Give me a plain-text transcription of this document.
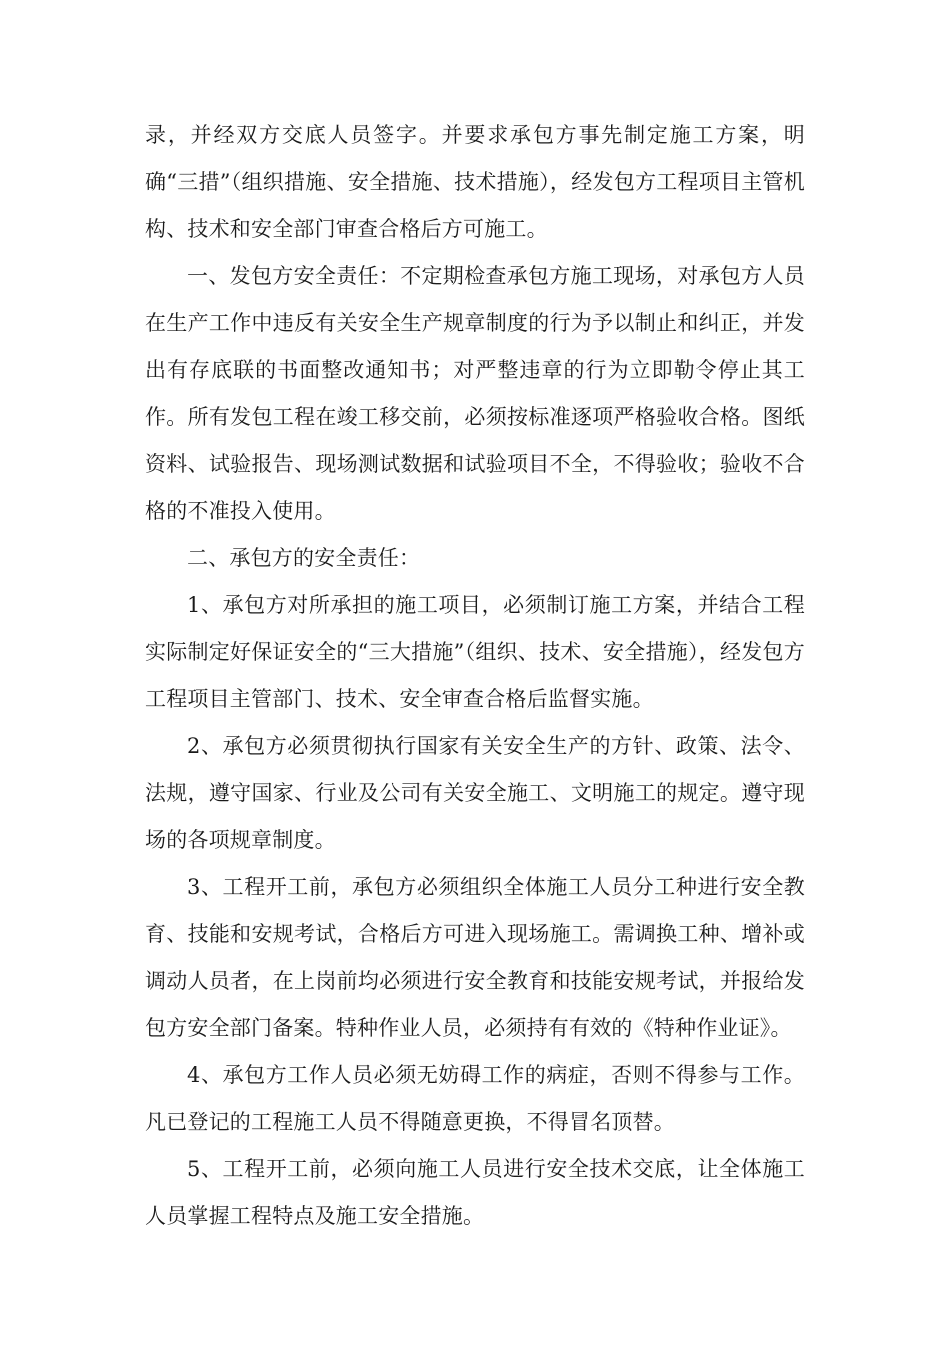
录，并经双方交底人员签字。并要求承包方事先制定施工方案，明确“三措”（组织措施、安全措施、技术措施），经发包方工程项目主管机构、技术和安全部门审查合格后方可施工。

一、发包方安全责任：不定期检查承包方施工现场，对承包方人员在生产工作中违反有关安全生产规章制度的行为予以制止和纠正，并发出有存底联的书面整改通知书；对严整违章的行为立即勒令停止其工作。所有发包工程在竣工移交前，必须按标准逐项严格验收合格。图纸资料、试验报告、现场测试数据和试验项目不全，不得验收；验收不合格的不准投入使用。

二、承包方的安全责任：

1、承包方对所承担的施工项目，必须制订施工方案，并结合工程实际制定好保证安全的“三大措施”（组织、技术、安全措施），经发包方工程项目主管部门、技术、安全审查合格后监督实施。

2、承包方必须贯彻执行国家有关安全生产的方针、政策、法令、法规，遵守国家、行业及公司有关安全施工、文明施工的规定。遵守现场的各项规章制度。

3、工程开工前，承包方必须组织全体施工人员分工种进行安全教育、技能和安规考试，合格后方可进入现场施工。需调换工种、增补或调动人员者，在上岗前均必须进行安全教育和技能安规考试，并报给发包方安全部门备案。特种作业人员，必须持有有效的《特种作业证》。

4、承包方工作人员必须无妨碍工作的病症，否则不得参与工作。凡已登记的工程施工人员不得随意更换，不得冒名顶替。

5、工程开工前，必须向施工人员进行安全技术交底，让全体施工人员掌握工程特点及施工安全措施。
